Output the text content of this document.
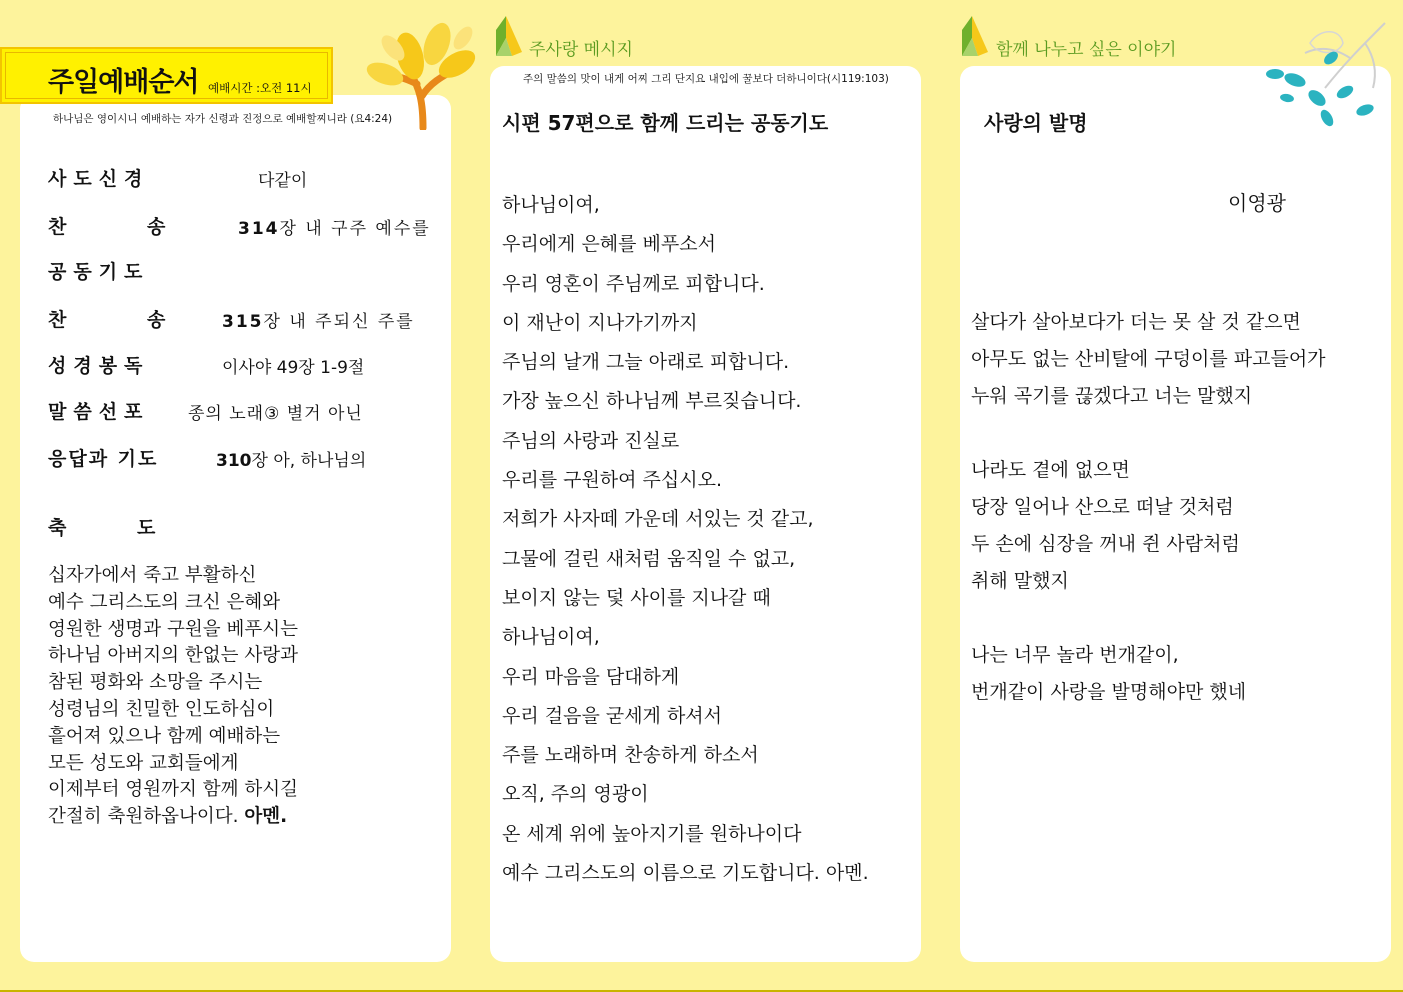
주일예배순서 예배시간 :오전 11시
하나님은 영이시니 예배하는 자가 신령과 진정으로 예배할찌니라 (요4:24)
사도신경	다같이
찬 송	314장 내 구주 예수를
공동기도
찬 송	315장 내 주되신 주를
성경봉독	이사야 49장 1-9절
말씀선포 종의 노래③ 별거 아닌
응답과 기도	310장 아, 하나님의
축 도
십자가에서 죽고 부활하신
예수 그리스도의 크신 은혜와
영원한 생명과 구원을 베푸시는
하나님 아버지의 한없는 사랑과
참된 평화와 소망을 주시는
성령님의 친밀한 인도하심이
흩어져 있으나 함께 예배하는
모든 성도와 교회들에게
이제부터 영원까지 함께 하시길
간절히 축원하옵나이다. 아멘.
주사랑 메시지
주의 말씀의 맛이 내게 어찌 그리 단지요 내입에 꿀보다 더하니이다(시119:103)
시편 57편으로 함께 드리는 공동기도
하나님이여,
우리에게 은혜를 베푸소서
우리 영혼이 주님께로 피합니다.
이 재난이 지나가기까지
주님의 날개 그늘 아래로 피합니다.
가장 높으신 하나님께 부르짖습니다.
주님의 사랑과 진실로
우리를 구원하여 주십시오.
저희가 사자떼 가운데 서있는 것 같고,
그물에 걸린 새처럼 움직일 수 없고,
보이지 않는 덫 사이를 지나갈 때
하나님이여,
우리 마음을 담대하게
우리 걸음을 굳세게 하셔서
주를 노래하며 찬송하게 하소서
오직, 주의 영광이
온 세계 위에 높아지기를 원하나이다
예수 그리스도의 이름으로 기도합니다. 아멘.
함께 나누고 싶은 이야기
사랑의 발명
이영광
살다가 살아보다가 더는 못 살 것 같으면
아무도 없는 산비탈에 구덩이를 파고들어가
누워 곡기를 끊겠다고 너는 말했지
나라도 곁에 없으면
당장 일어나 산으로 떠날 것처럼
두 손에 심장을 꺼내 쥔 사람처럼
취해 말했지
나는 너무 놀라 번개같이,
번개같이 사랑을 발명해야만 했네
